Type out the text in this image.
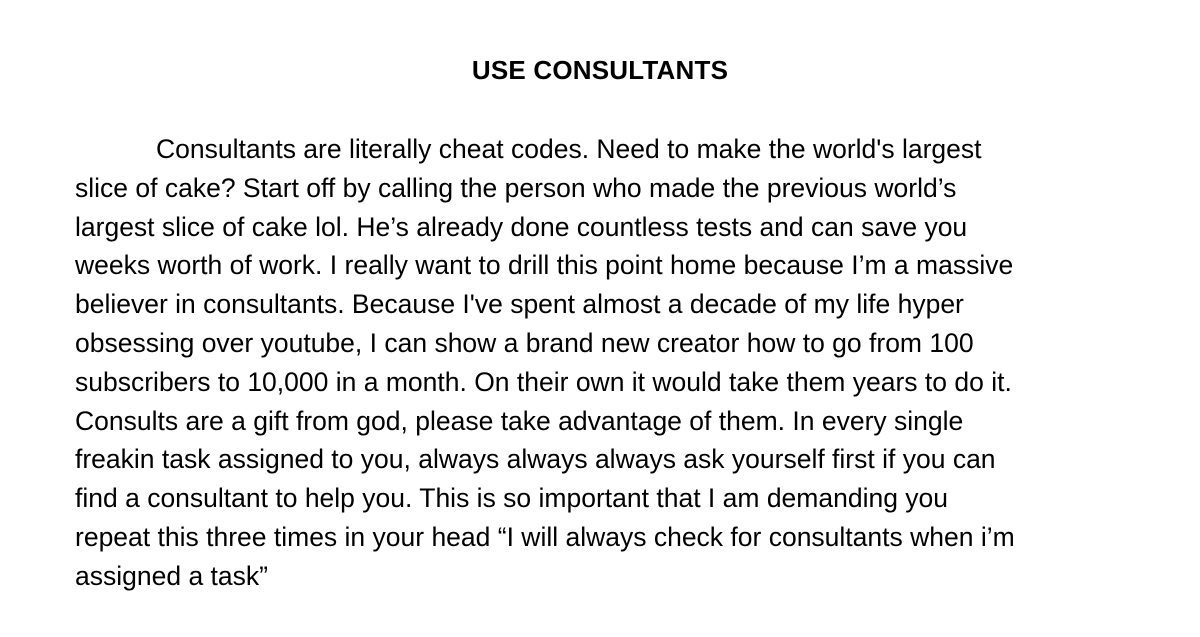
USE CONSULTANTS
Consultants are literally cheat codes. Need to make the world's largest
slice of cake? Start off by calling the person who made the previous world’s
largest slice of cake lol. He’s already done countless tests and can save you
weeks worth of work. I really want to drill this point home because I’m a massive
believer in consultants. Because I've spent almost a decade of my life hyper
obsessing over youtube, I can show a brand new creator how to go from 100
subscribers to 10,000 in a month. On their own it would take them years to do it.
Consults are a gift from god, please take advantage of them. In every single
freakin task assigned to you, always always always ask yourself first if you can
find a consultant to help you. This is so important that I am demanding you
repeat this three times in your head “I will always check for consultants when i’m
assigned a task”
